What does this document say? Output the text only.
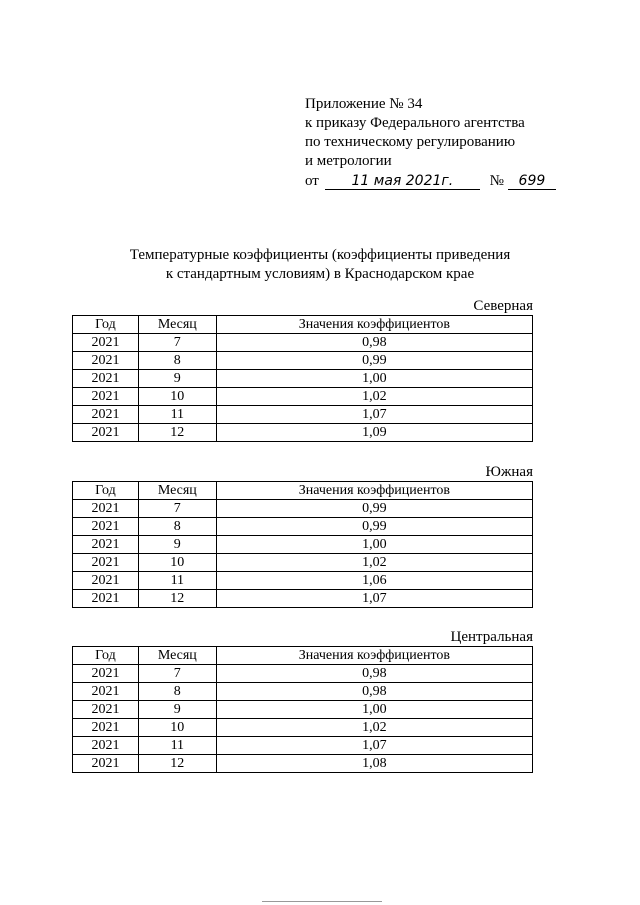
Приложение № 34
к приказу Федерального агентства
по техническому регулированию
и метрологии
от 11 мая 2021г. № 699
Температурные коэффициенты (коэффициенты приведения
к стандартным условиям) в Краснодарском крае
Северная
Год	Месяц	Значения коэффициентов
2021	7	0,98
2021	8	0,99
2021	9	1,00
2021	10	1,02
2021	11	1,07
2021	12	1,09
Южная
Год	Месяц	Значения коэффициентов
2021	7	0,99
2021	8	0,99
2021	9	1,00
2021	10	1,02
2021	11	1,06
2021	12	1,07
Центральная
Год	Месяц	Значения коэффициентов
2021	7	0,98
2021	8	0,98
2021	9	1,00
2021	10	1,02
2021	11	1,07
2021	12	1,08
